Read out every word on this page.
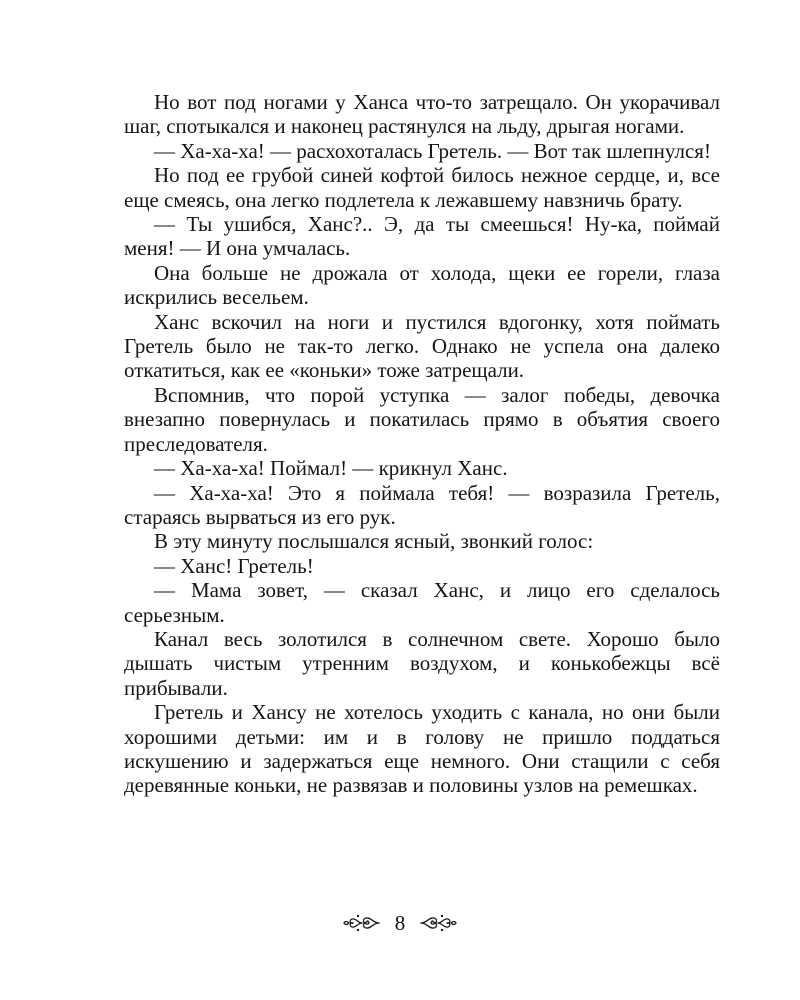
Но вот под ногами у Ханса что-то затрещало. Он укорачивал шаг, спотыкался и наконец растянулся на льду, дрыгая ногами.

— Ха-ха-ха! — расхохоталась Гретель. — Вот так шлепнулся!

Но под ее грубой синей кофтой билось нежное сердце, и, все еще смеясь, она легко подлетела к лежавшему навзничь брату.

— Ты ушибся, Ханс?.. Э, да ты смеешься! Ну-ка, поймай меня! — И она умчалась.

Она больше не дрожала от холода, щеки ее горели, глаза искрились весельем.

Ханс вскочил на ноги и пустился вдогонку, хотя поймать Гретель было не так-то легко. Однако не успела она далеко откатиться, как ее «коньки» тоже затрещали.

Вспомнив, что порой уступка — залог победы, девочка внезапно повернулась и покатилась прямо в объятия своего преследователя.

— Ха-ха-ха! Поймал! — крикнул Ханс.

— Ха-ха-ха! Это я поймала тебя! — возразила Гретель, стараясь вырваться из его рук.

В эту минуту послышался ясный, звонкий голос:

— Ханс! Гретель!

— Мама зовет, — сказал Ханс, и лицо его сделалось серьезным.

Канал весь золотился в солнечном свете. Хорошо было дышать чистым утренним воздухом, и конькобежцы всё прибывали.

Гретель и Хансу не хотелось уходить с канала, но они были хорошими детьми: им и в голову не пришло поддаться искушению и задержаться еще немного. Они стащили с себя деревянные коньки, не развязав и половины узлов на ремешках.

8
